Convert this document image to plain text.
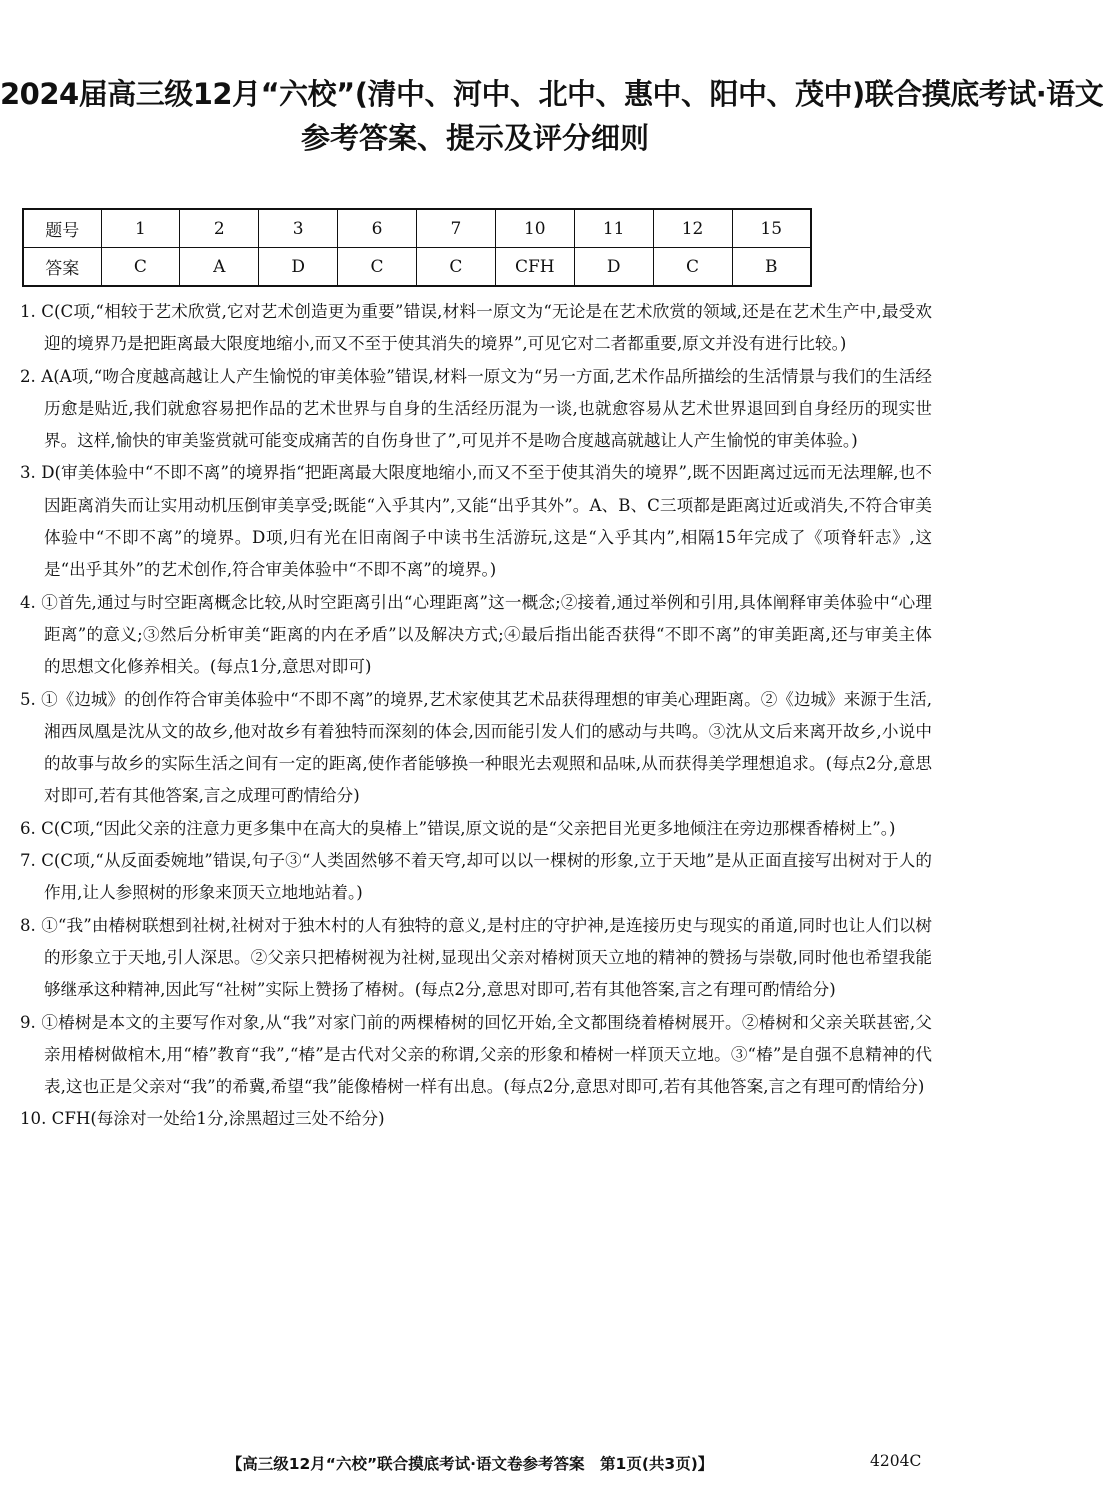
2024届高三级12月“六校”(清中、河中、北中、惠中、阳中、茂中)联合摸底考试·语文
参考答案、提示及评分细则
题号	1	2	3	6	7	10	11	12	15
答案	C	A	D	C	C	CFH	D	C	B

1. C(C项,“相较于艺术欣赏,它对艺术创造更为重要”错误,材料一原文为“无论是在艺术欣赏的领域,还是在艺术生产中,最受欢迎的境界乃是把距离最大限度地缩小,而又不至于使其消失的境界”,可见它对二者都重要,原文并没有进行比较。)

2. A(A项,“吻合度越高越让人产生愉悦的审美体验”错误,材料一原文为“另一方面,艺术作品所描绘的生活情景与我们的生活经历愈是贴近,我们就愈容易把作品的艺术世界与自身的生活经历混为一谈,也就愈容易从艺术世界退回到自身经历的现实世界。这样,愉快的审美鉴赏就可能变成痛苦的自伤身世了”,可见并不是吻合度越高就越让人产生愉悦的审美体验。)

3. D(审美体验中“不即不离”的境界指“把距离最大限度地缩小,而又不至于使其消失的境界”,既不因距离过远而无法理解,也不因距离消失而让实用动机压倒审美享受;既能“入乎其内”,又能“出乎其外”。A、B、C三项都是距离过近或消失,不符合审美体验中“不即不离”的境界。D项,归有光在旧南阁子中读书生活游玩,这是“入乎其内”,相隔15年完成了《项脊轩志》,这是“出乎其外”的艺术创作,符合审美体验中“不即不离”的境界。)

4. ①首先,通过与时空距离概念比较,从时空距离引出“心理距离”这一概念;②接着,通过举例和引用,具体阐释审美体验中“心理距离”的意义;③然后分析审美“距离的内在矛盾”以及解决方式;④最后指出能否获得“不即不离”的审美距离,还与审美主体的思想文化修养相关。(每点1分,意思对即可)

5. ①《边城》的创作符合审美体验中“不即不离”的境界,艺术家使其艺术品获得理想的审美心理距离。②《边城》来源于生活,湘西凤凰是沈从文的故乡,他对故乡有着独特而深刻的体会,因而能引发人们的感动与共鸣。③沈从文后来离开故乡,小说中的故事与故乡的实际生活之间有一定的距离,使作者能够换一种眼光去观照和品味,从而获得美学理想追求。(每点2分,意思对即可,若有其他答案,言之成理可酌情给分)

6. C(C项,“因此父亲的注意力更多集中在高大的臭椿上”错误,原文说的是“父亲把目光更多地倾注在旁边那棵香椿树上”。)

7. C(C项,“从反面委婉地”错误,句子③“人类固然够不着天穹,却可以以一棵树的形象,立于天地”是从正面直接写出树对于人的作用,让人参照树的形象来顶天立地地站着。)

8. ①“我”由椿树联想到社树,社树对于独木村的人有独特的意义,是村庄的守护神,是连接历史与现实的甬道,同时也让人们以树的形象立于天地,引人深思。②父亲只把椿树视为社树,显现出父亲对椿树顶天立地的精神的赞扬与崇敬,同时他也希望我能够继承这种精神,因此写“社树”实际上赞扬了椿树。(每点2分,意思对即可,若有其他答案,言之有理可酌情给分)

9. ①椿树是本文的主要写作对象,从“我”对家门前的两棵椿树的回忆开始,全文都围绕着椿树展开。②椿树和父亲关联甚密,父亲用椿树做棺木,用“椿”教育“我”,“椿”是古代对父亲的称谓,父亲的形象和椿树一样顶天立地。③“椿”是自强不息精神的代表,这也正是父亲对“我”的希冀,希望“我”能像椿树一样有出息。(每点2分,意思对即可,若有其他答案,言之有理可酌情给分)

10. CFH(每涂对一处给1分,涂黑超过三处不给分)

【高三级12月“六校”联合摸底考试·语文卷参考答案　第1页(共3页)】	4204C
